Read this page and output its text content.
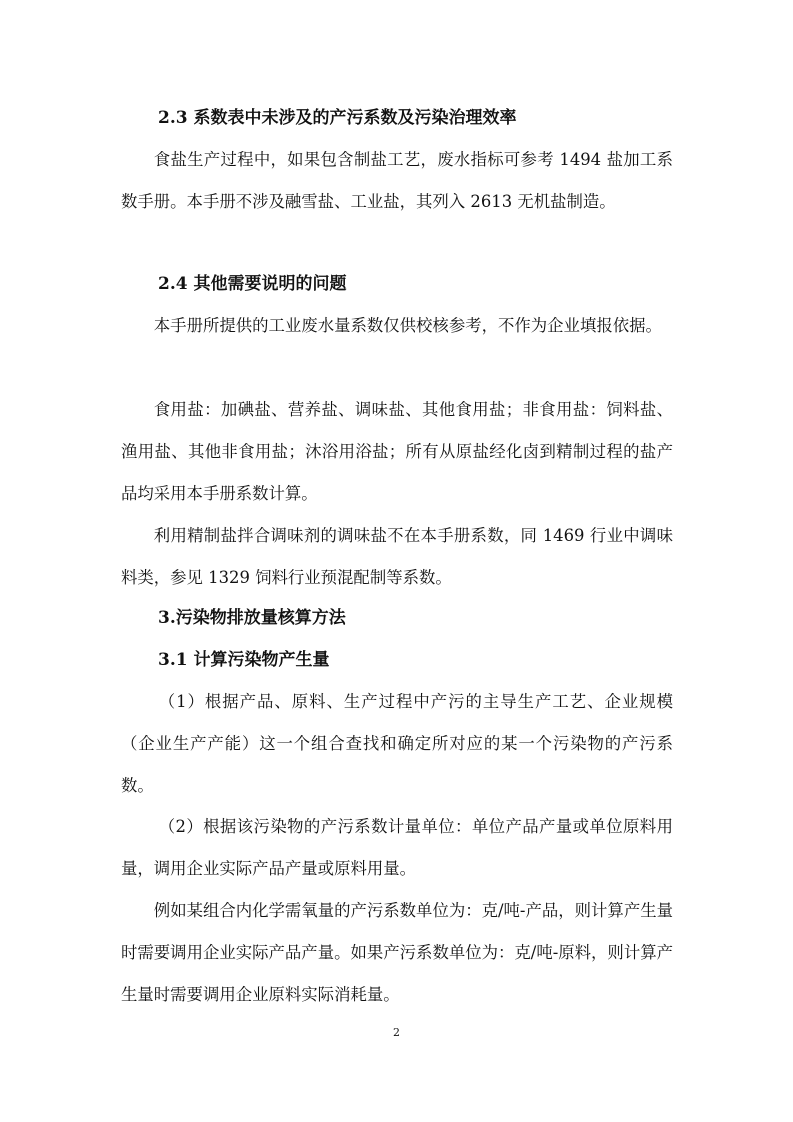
2.3 系数表中未涉及的产污系数及污染治理效率

食盐生产过程中，如果包含制盐工艺，废水指标可参考 1494 盐加工系数手册。本手册不涉及融雪盐、工业盐，其列入 2613 无机盐制造。

2.4 其他需要说明的问题

本手册所提供的工业废水量系数仅供校核参考，不作为企业填报依据。

食用盐：加碘盐、营养盐、调味盐、其他食用盐；非食用盐：饲料盐、渔用盐、其他非食用盐；沐浴用浴盐；所有从原盐经化卤到精制过程的盐产品均采用本手册系数计算。

利用精制盐拌合调味剂的调味盐不在本手册系数，同 1469 行业中调味料类，参见 1329 饲料行业预混配制等系数。

3.污染物排放量核算方法
3.1 计算污染物产生量

（1）根据产品、原料、生产过程中产污的主导生产工艺、企业规模（企业生产产能）这一个组合查找和确定所对应的某一个污染物的产污系数。

（2）根据该污染物的产污系数计量单位：单位产品产量或单位原料用量，调用企业实际产品产量或原料用量。

例如某组合内化学需氧量的产污系数单位为：克/吨-产品，则计算产生量时需要调用企业实际产品产量。如果产污系数单位为：克/吨-原料，则计算产生量时需要调用企业原料实际消耗量。

2
